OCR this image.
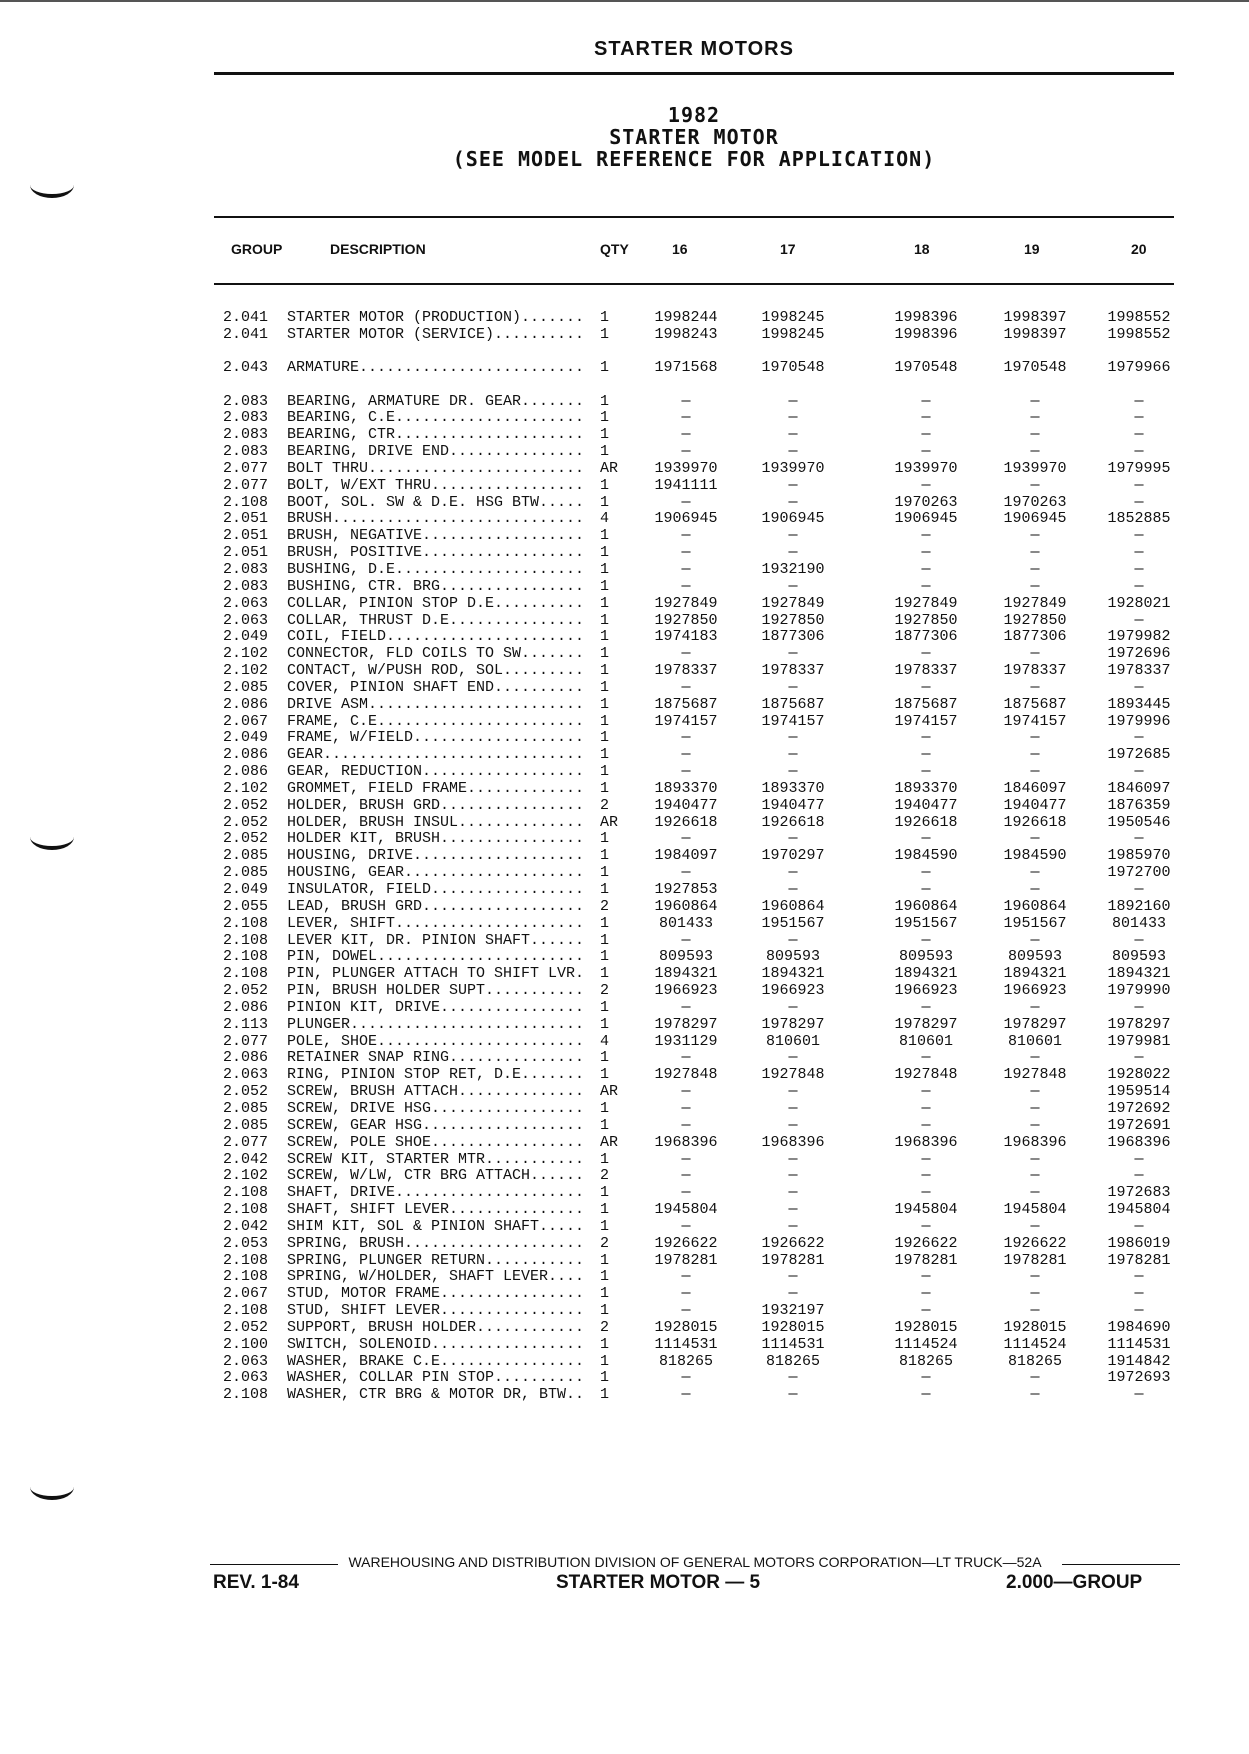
STARTER MOTORS
1982
STARTER MOTOR
(SEE MODEL REFERENCE FOR APPLICATION)
GROUP	DESCRIPTION	QTY	16	17	18	19	20
2.041 STARTER MOTOR (PRODUCTION)....... 1	1998244	1998245	1998396	1998397	1998552
2.041 STARTER MOTOR (SERVICE).......... 1	1998243	1998245	1998396	1998397	1998552
2.043 ARMATURE......................... 1	1971568	1970548	1970548	1970548	1979966
2.083 BEARING, ARMATURE DR. GEAR....... 1	—	—	—	—	—
2.083 BEARING, C.E..................... 1	—	—	—	—	—
2.083 BEARING, CTR..................... 1	—	—	—	—	—
2.083 BEARING, DRIVE END............... 1	—	—	—	—	—
2.077 BOLT THRU........................ AR	1939970	1939970	1939970	1939970	1979995
2.077 BOLT, W/EXT THRU................. 1	1941111	—	—	—	—
2.108 BOOT, SOL. SW & D.E. HSG BTW..... 1	—	—	1970263	1970263	—
2.051 BRUSH............................ 4	1906945	1906945	1906945	1906945	1852885
2.051 BRUSH, NEGATIVE.................. 1	—	—	—	—	—
2.051 BRUSH, POSITIVE.................. 1	—	—	—	—	—
2.083 BUSHING, D.E..................... 1	—	1932190	—	—	—
2.083 BUSHING, CTR. BRG................ 1	—	—	—	—	—
2.063 COLLAR, PINION STOP D.E.......... 1	1927849	1927849	1927849	1927849	1928021
2.063 COLLAR, THRUST D.E............... 1	1927850	1927850	1927850	1927850	—
2.049 COIL, FIELD...................... 1	1974183	1877306	1877306	1877306	1979982
2.102 CONNECTOR, FLD COILS TO SW....... 1	—	—	—	—	1972696
2.102 CONTACT, W/PUSH ROD, SOL......... 1	1978337	1978337	1978337	1978337	1978337
2.085 COVER, PINION SHAFT END.......... 1	—	—	—	—	—
2.086 DRIVE ASM........................ 1	1875687	1875687	1875687	1875687	1893445
2.067 FRAME, C.E....................... 1	1974157	1974157	1974157	1974157	1979996
2.049 FRAME, W/FIELD................... 1	—	—	—	—	—
2.086 GEAR............................. 1	—	—	—	—	1972685
2.086 GEAR, REDUCTION.................. 1	—	—	—	—	—
2.102 GROMMET, FIELD FRAME............. 1	1893370	1893370	1893370	1846097	1846097
2.052 HOLDER, BRUSH GRD................ 2	1940477	1940477	1940477	1940477	1876359
2.052 HOLDER, BRUSH INSUL.............. AR	1926618	1926618	1926618	1926618	1950546
2.052 HOLDER KIT, BRUSH................ 1	—	—	—	—	—
2.085 HOUSING, DRIVE................... 1	1984097	1970297	1984590	1984590	1985970
2.085 HOUSING, GEAR.................... 1	—	—	—	—	1972700
2.049 INSULATOR, FIELD................. 1	1927853	—	—	—	—
2.055 LEAD, BRUSH GRD.................. 2	1960864	1960864	1960864	1960864	1892160
2.108 LEVER, SHIFT..................... 1	801433	1951567	1951567	1951567	801433
2.108 LEVER KIT, DR. PINION SHAFT...... 1	—	—	—	—	—
2.108 PIN, DOWEL....................... 1	809593	809593	809593	809593	809593
2.108 PIN, PLUNGER ATTACH TO SHIFT LVR. 1	1894321	1894321	1894321	1894321	1894321
2.052 PIN, BRUSH HOLDER SUPT........... 2	1966923	1966923	1966923	1966923	1979990
2.086 PINION KIT, DRIVE................ 1	—	—	—	—	—
2.113 PLUNGER.......................... 1	1978297	1978297	1978297	1978297	1978297
2.077 POLE, SHOE....................... 4	1931129	810601	810601	810601	1979981
2.086 RETAINER SNAP RING............... 1	—	—	—	—	—
2.063 RING, PINION STOP RET, D.E....... 1	1927848	1927848	1927848	1927848	1928022
2.052 SCREW, BRUSH ATTACH.............. AR	—	—	—	—	1959514
2.085 SCREW, DRIVE HSG................. 1	—	—	—	—	1972692
2.085 SCREW, GEAR HSG.................. 1	—	—	—	—	1972691
2.077 SCREW, POLE SHOE................. AR	1968396	1968396	1968396	1968396	1968396
2.042 SCREW KIT, STARTER MTR........... 1	—	—	—	—	—
2.102 SCREW, W/LW, CTR BRG ATTACH...... 2	—	—	—	—	—
2.108 SHAFT, DRIVE..................... 1	—	—	—	—	1972683
2.108 SHAFT, SHIFT LEVER............... 1	1945804	—	1945804	1945804	1945804
2.042 SHIM KIT, SOL & PINION SHAFT..... 1	—	—	—	—	—
2.053 SPRING, BRUSH.................... 2	1926622	1926622	1926622	1926622	1986019
2.108 SPRING, PLUNGER RETURN........... 1	1978281	1978281	1978281	1978281	1978281
2.108 SPRING, W/HOLDER, SHAFT LEVER.... 1	—	—	—	—	—
2.067 STUD, MOTOR FRAME................ 1	—	—	—	—	—
2.108 STUD, SHIFT LEVER................ 1	—	1932197	—	—	—
2.052 SUPPORT, BRUSH HOLDER............ 2	1928015	1928015	1928015	1928015	1984690
2.100 SWITCH, SOLENOID................. 1	1114531	1114531	1114524	1114524	1114531
2.063 WASHER, BRAKE C.E................ 1	818265	818265	818265	818265	1914842
2.063 WASHER, COLLAR PIN STOP.......... 1	—	—	—	—	1972693
2.108 WASHER, CTR BRG & MOTOR DR, BTW.. 1	—	—	—	—	—
WAREHOUSING AND DISTRIBUTION DIVISION OF GENERAL MOTORS CORPORATION—LT TRUCK—52A
REV. 1-84	STARTER MOTOR — 5	2.000—GROUP
